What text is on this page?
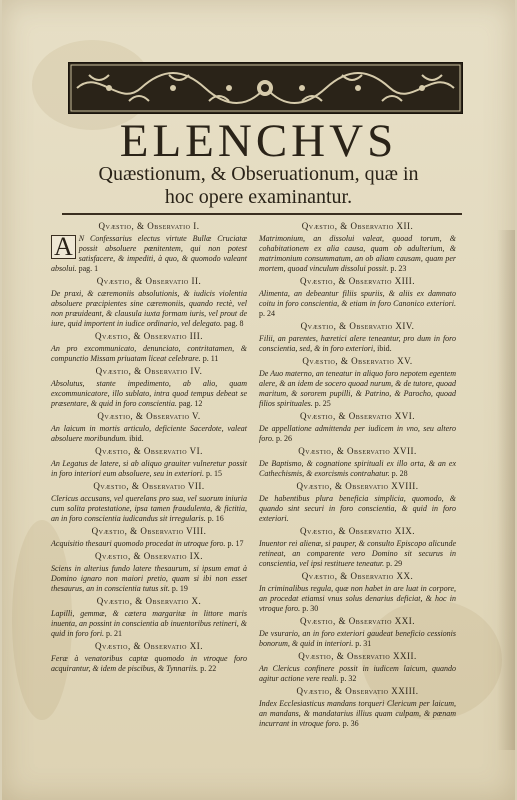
ELENCHVS
Quæstionum, & Obseruationum, quæ in
hoc opere examinantur.
Qvæstio, & Observatio I.
A N Confessarius electus virtute Bullæ Cruciatæ possit absoluere pœnitentem, qui non potest satisfacere, & impediti, à quo, & quomodo valeant absolui. pag. 1
Qvæstio, & Observatio II.
De praxi, & cæremoniis absolutionis, & iudicis violentia absoluere præcipientes sine cæremoniis, quando rectè, vel non præuideant, & clausula iuxta formam iuris, vel prout de iure, quid importent in iudice ordinario, vel delegato. pag. 8
Qvæstio, & Observatio III.
An pro excommunicato, denunciato, contritatamen, & compunctio Missam priuatam liceat celebrare. p. 11
Qvæstio, & Observatio IV.
Absolutus, stante impedimento, ab alio, quam excommunicatore, illo sublato, intra quod tempus debeat se præsentare, & quid in foro conscientia. pag. 12
Qvæstio, & Observatio V.
An laicum in mortis articulo, deficiente Sacerdote, valeat absoluere moribundum. ibid.
Qvæstio, & Observatio VI.
An Legatus de latere, si ab aliquo grauiter vulneretur possit in foro interiori eum absoluere, seu in exteriori. p. 15
Qvæstio, & Observatio VII.
Clericus accusans, vel querelans pro sua, vel suorum iniuria cum solita protestatione, ipsa tamen fraudulenta, & fictitia, an in foro conscientia iudicandus sit irregularis. p. 16
Qvæstio, & Observatio VIII.
Acquisitio thesauri quomodo procedat in utroque foro. p. 17
Qvæstio, & Observatio IX.
Sciens in alterius fundo latere thesaurum, si ipsum emat à Domino ignaro non maiori pretio, quam si ibi non esset thesaurus, an in conscientia tutus sit. p. 19
Qvæstio, & Observatio X.
Lapilli, gemmæ, & cætera margaritæ in littore maris inuenta, an possint in conscientia ab inuentoribus retineri, & quid in foro fori. p. 21
Qvæstio, & Observatio XI.
Feræ à venatoribus captæ quomodo in vtroque foro acquirantur, & idem de piscibus, & Tynnariis. p. 22
Qvæstio, & Observatio XII.
Matrimonium, an dissolui valeat, quoad torum, & cohabitationem ex alia causa, quam ob adulterium, & matrimonium consummatum, an ob aliam causam, quam per mortem, quoad vinculum dissolui possit. p. 23
Qvæstio, & Observatio XIII.
Alimenta, an debeantur filiis spuriis, & aliis ex damnato coitu in foro conscientia, & etiam in foro Canonico exteriori. p. 24
Qvæstio, & Observatio XIV.
Filii, an parentes, hæretici alere teneantur, pro dum in foro conscientia, sed, & in foro exteriori, ibid.
Qvæstio, & Observatio XV.
De Auo materno, an teneatur in aliquo foro nepotem egentem alere, & an idem de socero quoad nurum, & de tutore, quoad maritum, & sororem pupilli, & Patrino, & Parocho, quoad filios spirituales. p. 25
Qvæstio, & Observatio XVI.
De appellatione admittenda per iudicem in vno, seu altero foro. p. 26
Qvæstio, & Observatio XVII.
De Baptismo, & cognatione spirituali ex illo orta, & an ex Cathechismis, & exorcismis contrahatur. p. 28
Qvæstio, & Observatio XVIII.
De habentibus plura beneficia simplicia, quomodo, & quando sint securi in foro conscientia, & quid in foro exteriori.
Qvæstio, & Observatio XIX.
Inuentor rei alienæ, si pauper, & consulto Episcopo alicunde retineat, an comparente vero Domino sit securus in conscientia, vel ipsi restituere teneatur. p. 29
Qvæstio, & Observatio XX.
In criminalibus regula, quæ non habet in are luat in corpore, an procedat etiamsi vnus solus denarius deficiat, & hoc in vtroque foro. p. 30
Qvæstio, & Observatio XXI.
De vsurario, an in foro exteriori gaudeat beneficio cessionis bonorum, & quid in interiori. p. 31
Qvæstio, & Observatio XXII.
An Clericus confinere possit in iudicem laicum, quando agitur actione vere reali. p. 32
Qvæstio, & Observatio XXIII.
Index Ecclesiasticus mandans torqueri Clericum per laicum, an mandans, & mandatarius illius quam culpam, & pœnam incurrant in vtroque foro. p. 36
